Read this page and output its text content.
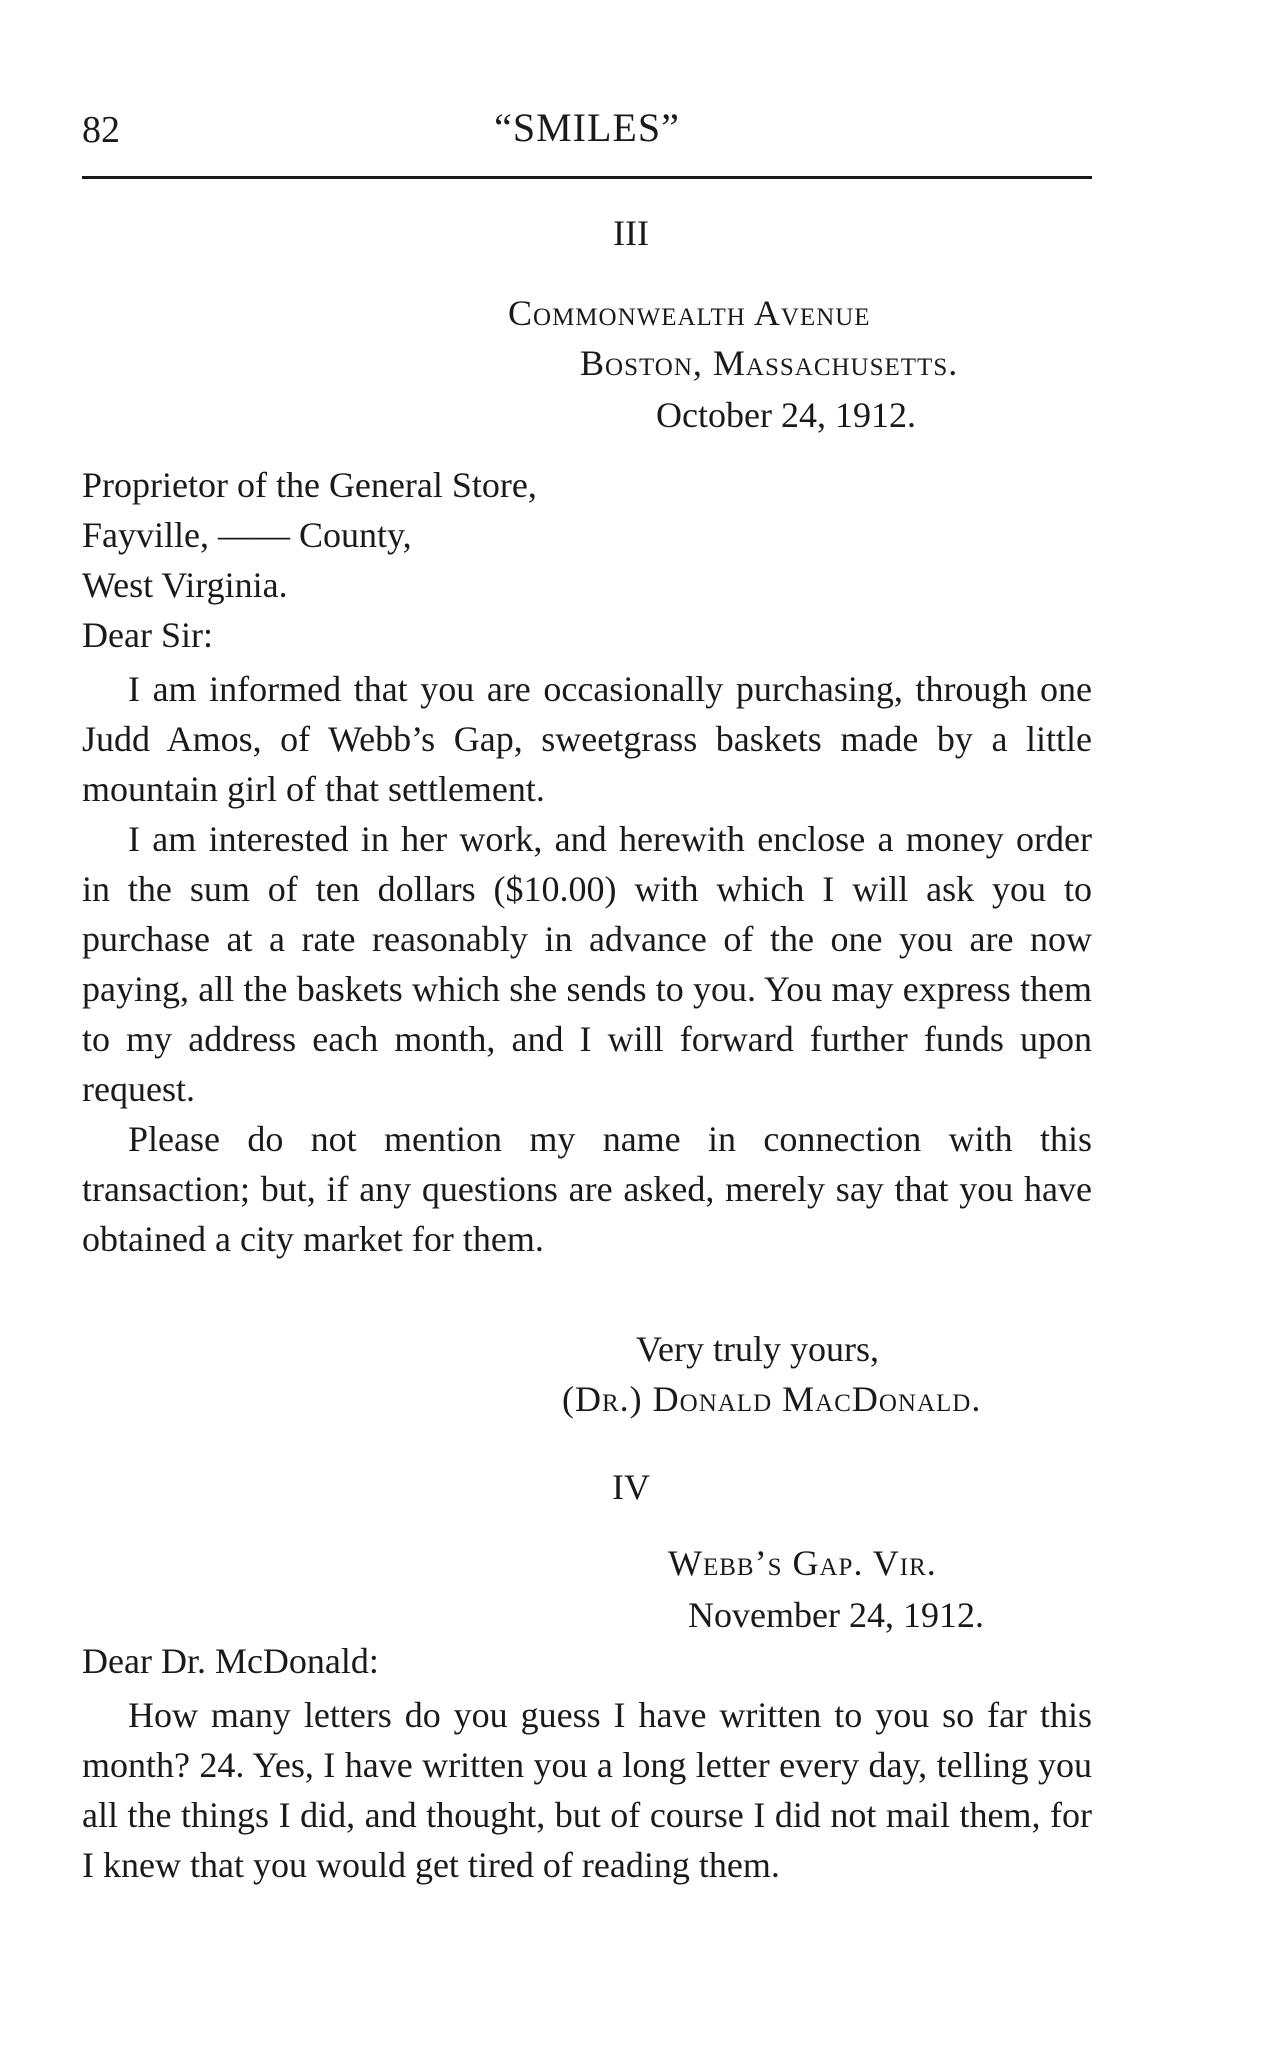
82	“SMILES”
III
Commonwealth Avenue
Boston, Massachusetts.
October 24, 1912.
Proprietor of the General Store,
Fayville, —— County,
West Virginia.
Dear Sir:

I am informed that you are occasionally purchasing, through one Judd Amos, of Webb’s Gap, sweetgrass baskets made by a little mountain girl of that settlement.

I am interested in her work, and herewith enclose a money order in the sum of ten dollars ($10.00) with which I will ask you to purchase at a rate reasonably in advance of the one you are now paying, all the baskets which she sends to you. You may express them to my address each month, and I will forward further funds upon request.

Please do not mention my name in connection with this transaction; but, if any questions are asked, merely say that you have obtained a city market for them.

Very truly yours,
(Dr.) Donald MacDonald.
IV
Webb’s Gap. Vir.
November 24, 1912.
Dear Dr. McDonald:

How many letters do you guess I have written to you so far this month? 24. Yes, I have written you a long letter every day, telling you all the things I did, and thought, but of course I did not mail them, for I knew that you would get tired of reading them.
